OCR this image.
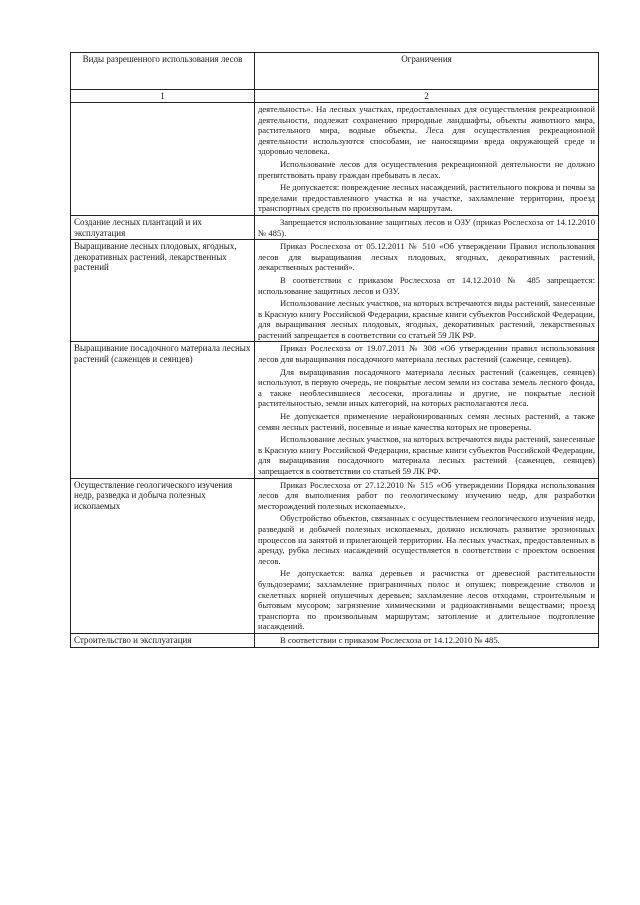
Виды разрешенного использования лесов	Ограничения
1	2

	деятельность». На лесных участках, предоставленных для осуществления рекреационной деятельности, подлежат сохранению природные ландшафты, объекты животного мира, растительного мира, водные объекты. Леса для осуществления рекреационной деятельности используются способами, не наносящими вреда окружающей среде и здоровью человека.

Использование лесов для осуществления рекреационной деятельности не должно препятствовать праву граждан пребывать в лесах.

Не допускается: повреждение лесных насаждений, растительного покрова и почвы за пределами предоставленного участка и на участке, захламление территории, проезд транспортных средств по произвольным маршрутам.

Создание лесных плантаций и их эксплуатация	Запрещается использование защитных лесов и ОЗУ (приказ Рослесхоза от 14.12.2010 № 485).

Выращивание лесных плодовых, ягодных, декоративных растений, лекарственных растений	Приказ Рослесхоза от 05.12.2011 № 510 «Об утверждении Правил использования лесов для выращивания лесных плодовых, ягодных, декоративных растений, лекарственных растений».

В соответствии с приказом Рослесхоза от 14.12.2010 № 485 запрещается: использование защитных лесов и ОЗУ.

Использование лесных участков, на которых встречаются виды растений, занесенные в Красную книгу Российской Федерации, красные книги субъектов Российской Федерации, для выращивания лесных плодовых, ягодных, декоративных растений, лекарственных растений запрещается в соответствии со статьей 59 ЛК РФ.

Выращивание посадочного материала лесных растений (саженцев и сеянцев)	Приказ Рослесхоза от 19.07.2011 № 308 «Об утверждении правил использования лесов для выращивания посадочного материала лесных растений (саженце, сеянцев).

Для выращивания посадочного материала лесных растений (саженцев, сеянцев) используют, в первую очередь, не покрытые лесом земли из состава земель лесного фонда, а также необлесившиеся лесосеки, прогалины и другие, не покрытые лесной растительностью, земли иных категорий, на которых располагаются леса.

Не допускается применение нерайонированных семян лесных растений, а также семян лесных растений, посевные и иные качества которых не проверены.

Использование лесных участков, на которых встречаются виды растений, занесенные в Красную книгу Российской Федерации, красные книги субъектов Российской Федерации, для выращивания посадочного материала лесных растений (саженцев, сеянцев) запрещается в соответствии со статьей 59 ЛК РФ.

Осуществление геологического изучения недр, разведка и добыча полезных ископаемых	Приказ Рослесхоза от 27.12.2010 № 515 «Об утверждении Порядка использования лесов для выполнения работ по геологическому изучению недр, для разработки месторождений полезных ископаемых».

Обустройство объектов, связанных с осуществлением геологического изучения недр, разведкой и добычей полезных ископаемых, должно исключать развитие эрозионных процессов на занятой и прилегающей территории. На лесных участках, предоставленных в аренду, рубка лесных насаждений осуществляется в соответствии с проектом освоения лесов.

Не допускается: валка деревьев и расчистка от древесной растительности бульдозерами; захламление приграничных полос и опушек; повреждение стволов и скелетных корней опушечных деревьев; захламление лесов отходами, строительным и бытовым мусором; загрязнение химическими и радиоактивными веществами; проезд транспорта по произвольным маршрутам; затопление и длительное подтопление насаждений.

Строительство и эксплуатация	В соответствии с приказом Рослесхоза от 14.12.2010 № 485.
